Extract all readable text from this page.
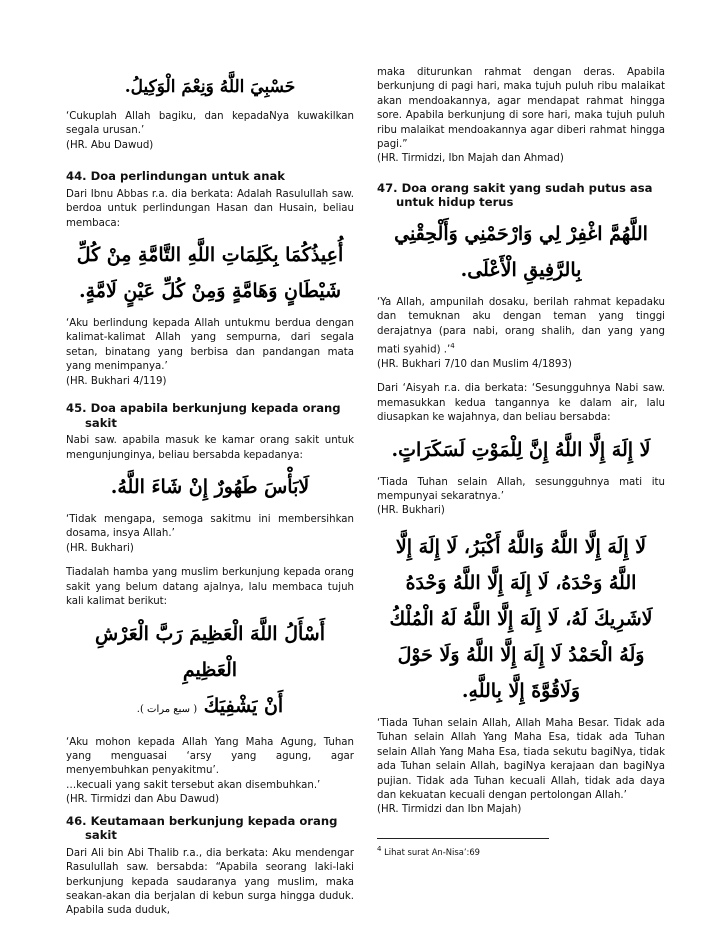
حَسْبِيَ اللَّهُ وَنِعْمَ الْوَكِيلُ.

‘Cukuplah Allah bagiku, dan kepadaNya kuwakilkan segala urusan.’

(HR. Abu Dawud)
44. Doa perlindungan untuk anak

Dari Ibnu Abbas r.a. dia berkata: Adalah Rasulullah saw. berdoa untuk perlindungan Hasan dan Husain, beliau membaca:

أُعِيذُكُمَا بِكَلِمَاتِ اللَّهِ التَّامَّةِ مِنْ كُلِّ
شَيْطَانٍ وَهَامَّةٍ وَمِنْ كُلِّ عَيْنٍ لَامَّةٍ.

‘Aku berlindung kepada Allah untukmu berdua dengan kalimat-kalimat Allah yang sempurna, dari segala setan, binatang yang berbisa dan pandangan mata yang menimpanya.’

(HR. Bukhari 4/119)
45. Doa apabila berkunjung kepada orang sakit

Nabi saw. apabila masuk ke kamar orang sakit untuk mengunjunginya, beliau bersabda kepadanya:

لَابَأْسَ طَهُورٌ إِنْ شَاءَ اللَّهُ.

‘Tidak mengapa, semoga sakitmu ini membersihkan dosama, insya Allah.’

(HR. Bukhari)

Tiadalah hamba yang muslim berkunjung kepada orang sakit yang belum datang ajalnya, lalu membaca tujuh kali kalimat berikut:

أَسْأَلُ اللَّهَ الْعَظِيمَ رَبَّ الْعَرْشِ الْعَظِيمِ
أَنْ يَشْفِيَكَ ( سبع مرات ).

‘Aku mohon kepada Allah Yang Maha Agung, Tuhan yang menguasai ‘arsy yang agung, agar menyembuhkan penyakitmu’.

…kecuali yang sakit tersebut akan disembuhkan.’

(HR. Tirmidzi dan Abu Dawud)
46. Keutamaan berkunjung kepada orang sakit

Dari Ali bin Abi Thalib r.a., dia berkata: Aku mendengar Rasulullah saw. bersabda: “Apabila seorang laki-laki berkunjung kepada saudaranya yang muslim, maka seakan-akan dia berjalan di kebun surga hingga duduk. Apabila suda duduk,

maka diturunkan rahmat dengan deras. Apabila berkunjung di pagi hari, maka tujuh puluh ribu malaikat akan mendoakannya, agar mendapat rahmat hingga sore. Apabila berkunjung di sore hari, maka tujuh puluh ribu malaikat mendoakannya agar diberi rahmat hingga pagi.”

(HR. Tirmidzi, Ibn Majah dan Ahmad)
47. Doa orang sakit yang sudah putus asa untuk hidup terus
اللَّهُمَّ اغْفِرْ لِي وَارْحَمْنِي وَأَلْحِقْنِي
بِالرَّفِيقِ الْأَعْلَى.

‘Ya Allah, ampunilah dosaku, berilah rahmat kepadaku dan temuknan aku dengan teman yang tinggi derajatnya (para nabi, orang shalih, dan yang yang mati syahid) .’$^4$

(HR. Bukhari 7/10 dan Muslim 4/1893)

Dari ‘Aisyah r.a. dia berkata: ‘Sesungguhnya Nabi saw. memasukkan kedua tangannya ke dalam air, lalu diusapkan ke wajahnya, dan beliau bersabda:

لَا إِلَهَ إِلَّا اللَّهُ إِنَّ لِلْمَوْتِ لَسَكَرَاتٍ.

‘Tiada Tuhan selain Allah, sesungguhnya mati itu mempunyai sekaratnya.’

(HR. Bukhari)
لَا إِلَهَ إِلَّا اللَّهُ وَاللَّهُ أَكْبَرُ، لَا إِلَهَ إِلَّا
اللَّهُ وَحْدَهُ، لَا إِلَهَ إِلَّا اللَّهُ وَحْدَهُ
لَاشَرِيكَ لَهُ، لَا إِلَهَ إِلَّا اللَّهُ لَهُ الْمُلْكُ
وَلَهُ الْحَمْدُ لَا إِلَهَ إِلَّا اللَّهُ وَلَا حَوْلَ
وَلَاقُوَّةَ إِلَّا بِاللَّهِ.

‘Tiada Tuhan selain Allah, Allah Maha Besar. Tidak ada Tuhan selain Allah Yang Maha Esa, tidak ada Tuhan selain Allah Yang Maha Esa, tiada sekutu bagiNya, tidak ada Tuhan selain Allah, bagiNya kerajaan dan bagiNya pujian. Tidak ada Tuhan kecuali Allah, tidak ada daya dan kekuatan kecuali dengan pertolongan Allah.’

(HR. Tirmidzi dan Ibn Majah)
$^4$ Lihat surat An-Nisa’:69
